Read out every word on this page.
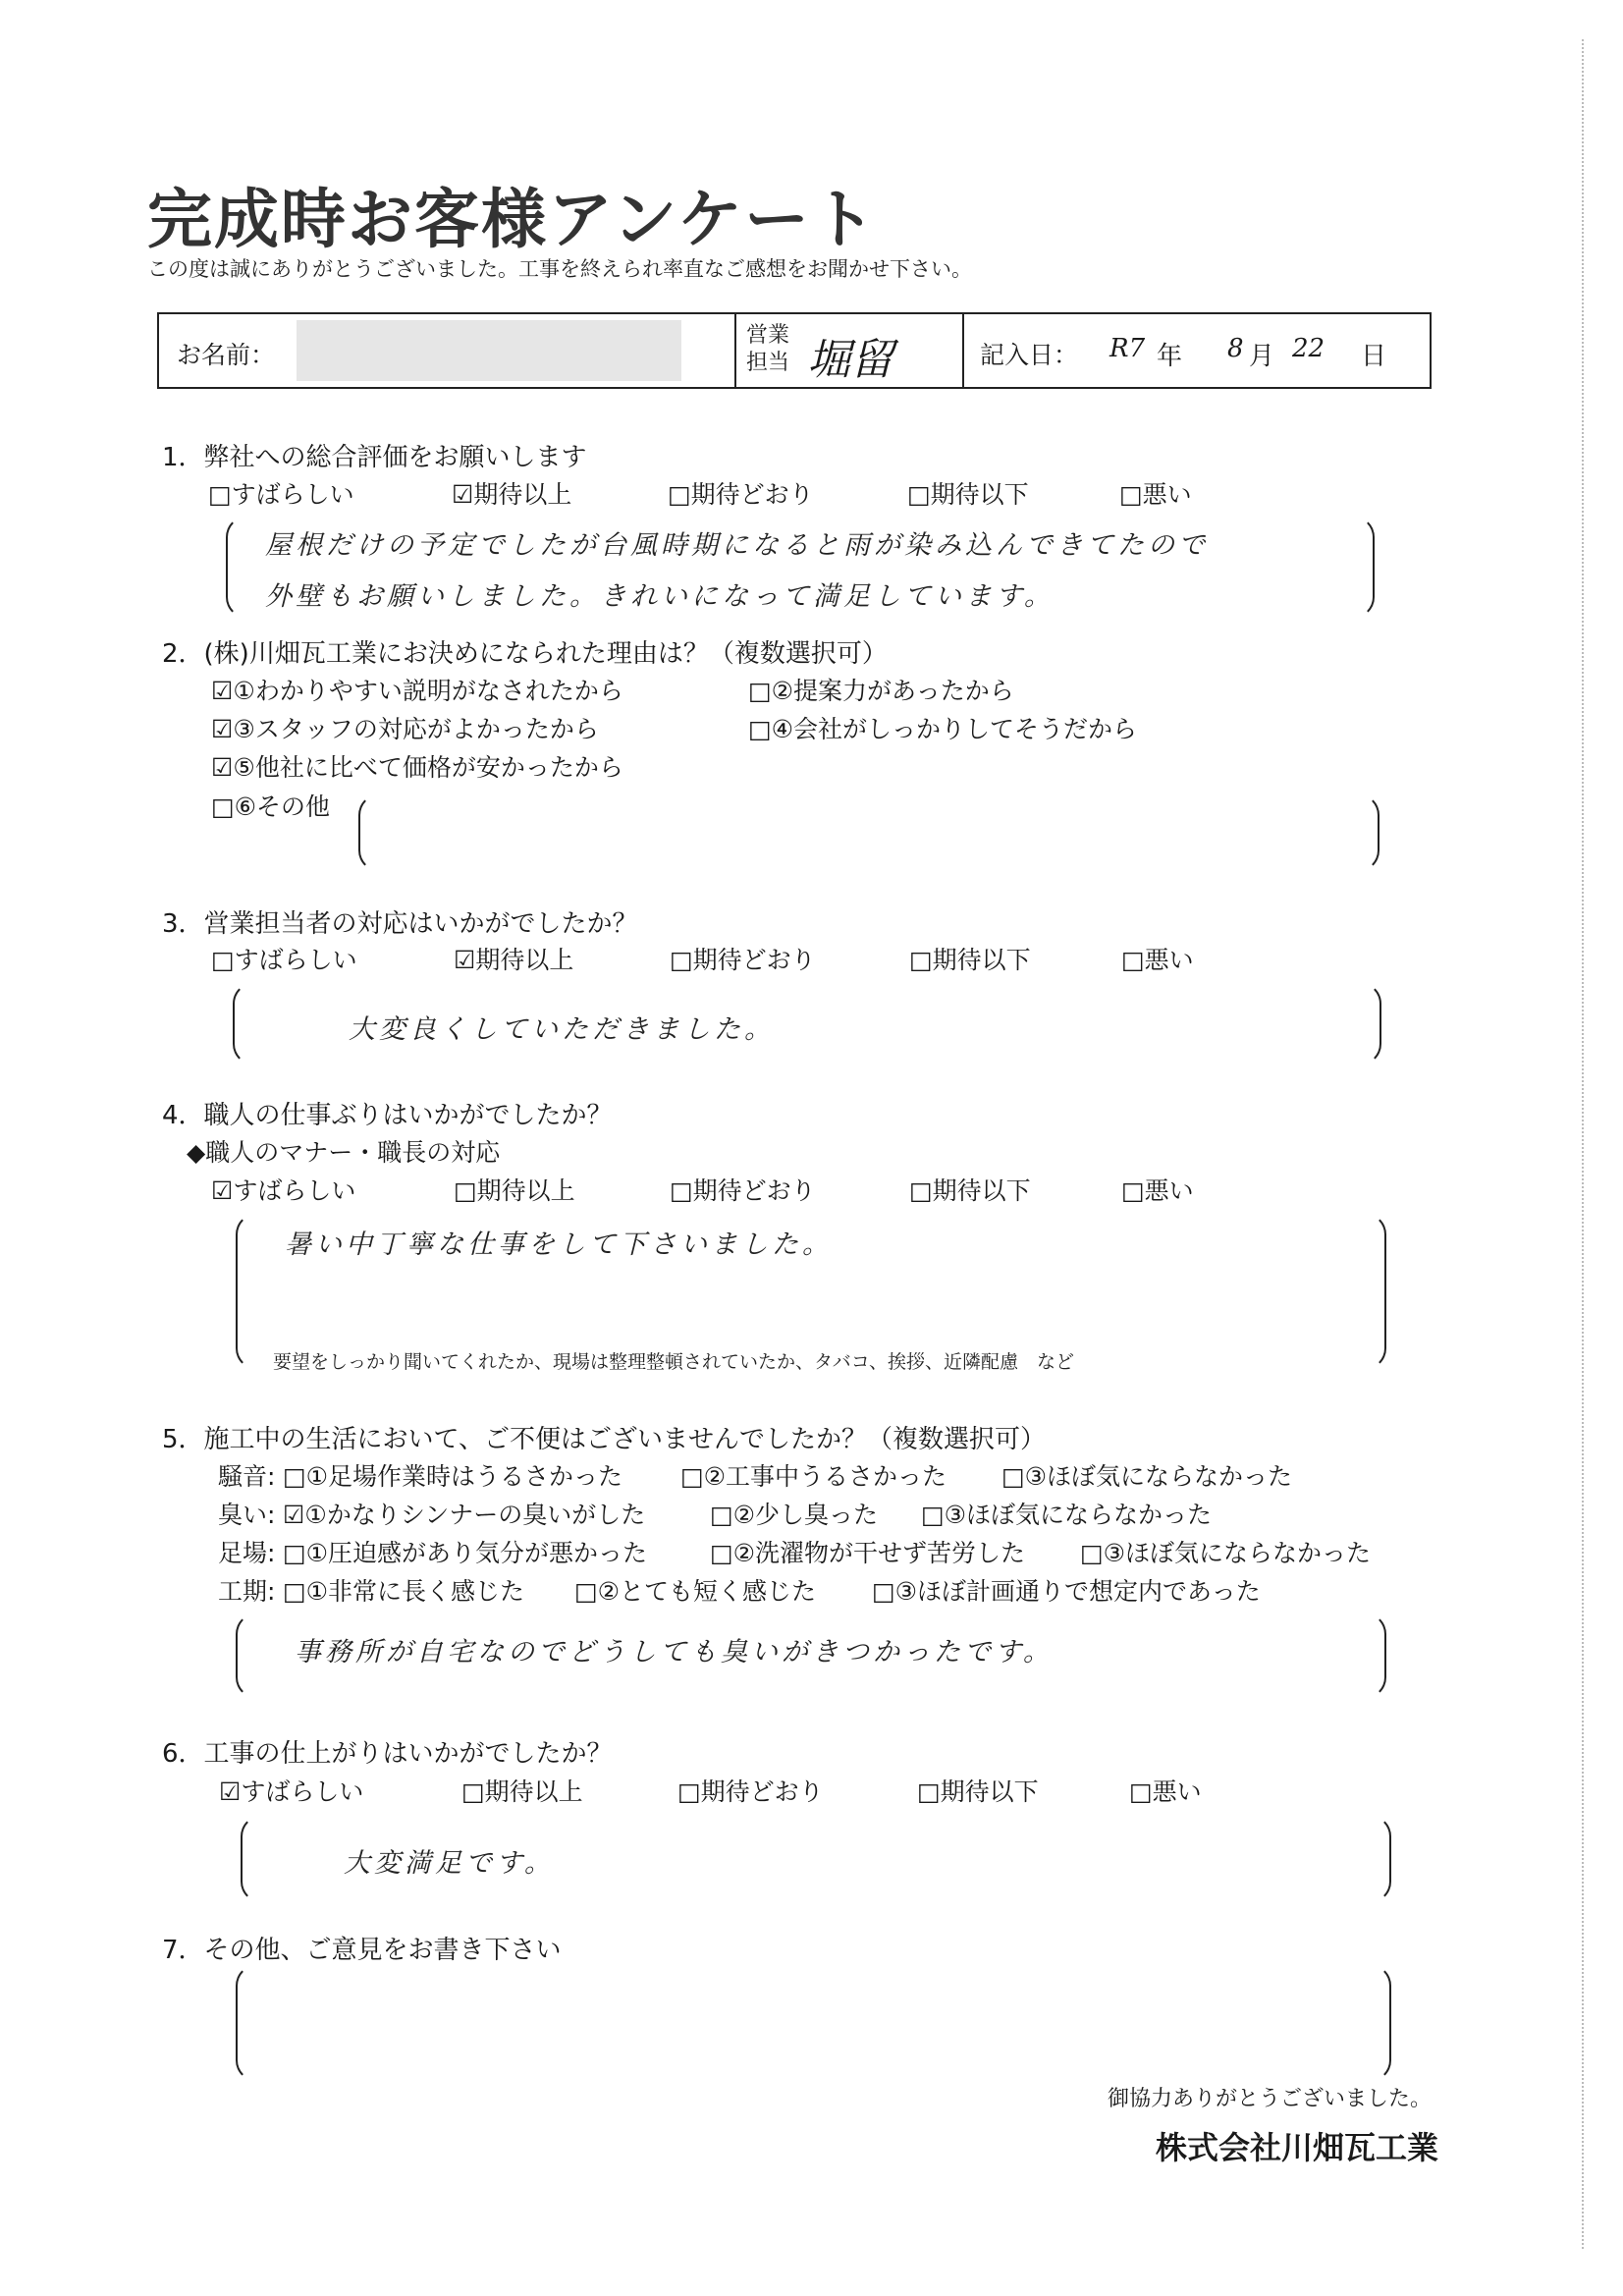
完成時お客様アンケート
この度は誠にありがとうございました。工事を終えられ率直なご感想をお聞かせ下さい。
お名前：
営業担当 堀留	記入日： R7 年 8 月 22 日
1．弊社への総合評価をお願いします
□すばらしい	☑期待以上	□期待どおり	□期待以下	□悪い
屋根だけの予定でしたが台風時期になると雨が染み込んできてたので
外壁もお願いしました。きれいになって満足しています。
2．(株)川畑瓦工業にお決めになられた理由は？（複数選択可）
☑①わかりやすい説明がなされたから	□②提案力があったから
☑③スタッフの対応がよかったから	□④会社がしっかりしてそうだから
☑⑤他社に比べて価格が安かったから
□⑥その他
3．営業担当者の対応はいかがでしたか？
□すばらしい	☑期待以上	□期待どおり	□期待以下	□悪い
大変良くしていただきました。
4．職人の仕事ぶりはいかがでしたか？
◆職人のマナー・職長の対応
☑すばらしい	□期待以上	□期待どおり	□期待以下	□悪い
暑い中丁寧な仕事をして下さいました。
要望をしっかり聞いてくれたか、現場は整理整頓されていたか、タバコ、挨拶、近隣配慮　など
5．施工中の生活において、ご不便はございませんでしたか？（複数選択可）
騒音: □①足場作業時はうるさかった □②工事中うるさかった □③ほぼ気にならなかった
臭い: ☑①かなりシンナーの臭いがした	□②少し臭った □③ほぼ気にならなかった
足場: □①圧迫感があり気分が悪かった	□②洗濯物が干せず苦労した □③ほぼ気にならなかった
工期: □①非常に長く感じた □②とても短く感じた □③ほぼ計画通りで想定内であった
事務所が自宅なのでどうしても臭いがきつかったです。
6．工事の仕上がりはいかがでしたか？
☑すばらしい	□期待以上	□期待どおり	□期待以下	□悪い
大変満足です。
7．その他、ご意見をお書き下さい
御協力ありがとうございました。
株式会社川畑瓦工業
